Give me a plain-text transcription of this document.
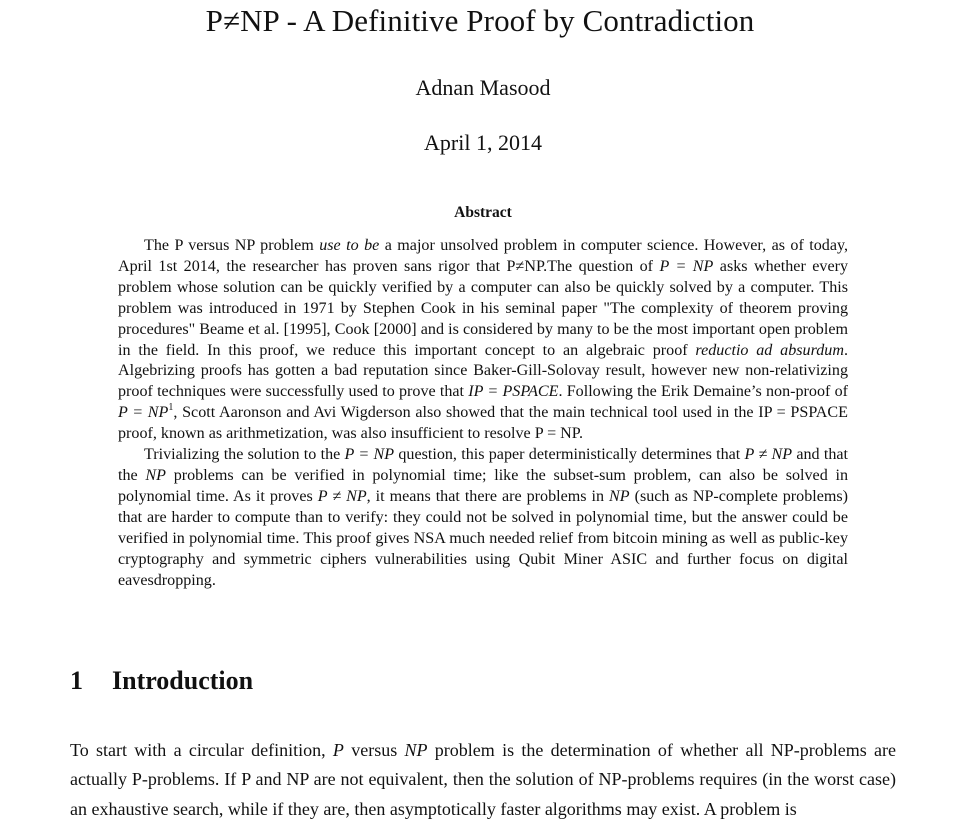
P≠NP - A Definitive Proof by Contradiction
Adnan Masood
April 1, 2014
Abstract

The P versus NP problem use to be a major unsolved problem in computer science. However, as of today, April 1st 2014, the researcher has proven sans rigor that P≠NP.The question of P = NP asks whether every problem whose solution can be quickly verified by a computer can also be quickly solved by a computer. This problem was introduced in 1971 by Stephen Cook in his seminal paper "The complexity of theorem proving procedures" Beame et al. [1995], Cook [2000] and is considered by many to be the most important open problem in the field. In this proof, we reduce this important concept to an algebraic proof reductio ad absurdum. Algebrizing proofs has gotten a bad reputation since Baker-Gill-Solovay result, however new non-relativizing proof techniques were successfully used to prove that IP = PSPACE. Following the Erik Demaine’s non-proof of $P = NP^1$, Scott Aaronson and Avi Wigderson also showed that the main technical tool used in the IP = PSPACE proof, known as arithmetization, was also insufficient to resolve P = NP.

Trivializing the solution to the P = NP question, this paper deterministically determines that P ≠ NP and that the NP problems can be verified in polynomial time; like the subset-sum problem, can also be solved in polynomial time. As it proves P ≠ NP, it means that there are problems in NP (such as NP-complete problems) that are harder to compute than to verify: they could not be solved in polynomial time, but the answer could be verified in polynomial time. This proof gives NSA much needed relief from bitcoin mining as well as public-key cryptography and symmetric ciphers vulnerabilities using Qubit Miner ASIC and further focus on digital eavesdropping.

1 Introduction

To start with a circular definition, P versus NP problem is the determination of whether all NP-problems are actually P-problems. If P and NP are not equivalent, then the solution of NP-problems requires (in the worst case) an exhaustive search, while if they are, then asymptotically faster algorithms may exist. A problem is
